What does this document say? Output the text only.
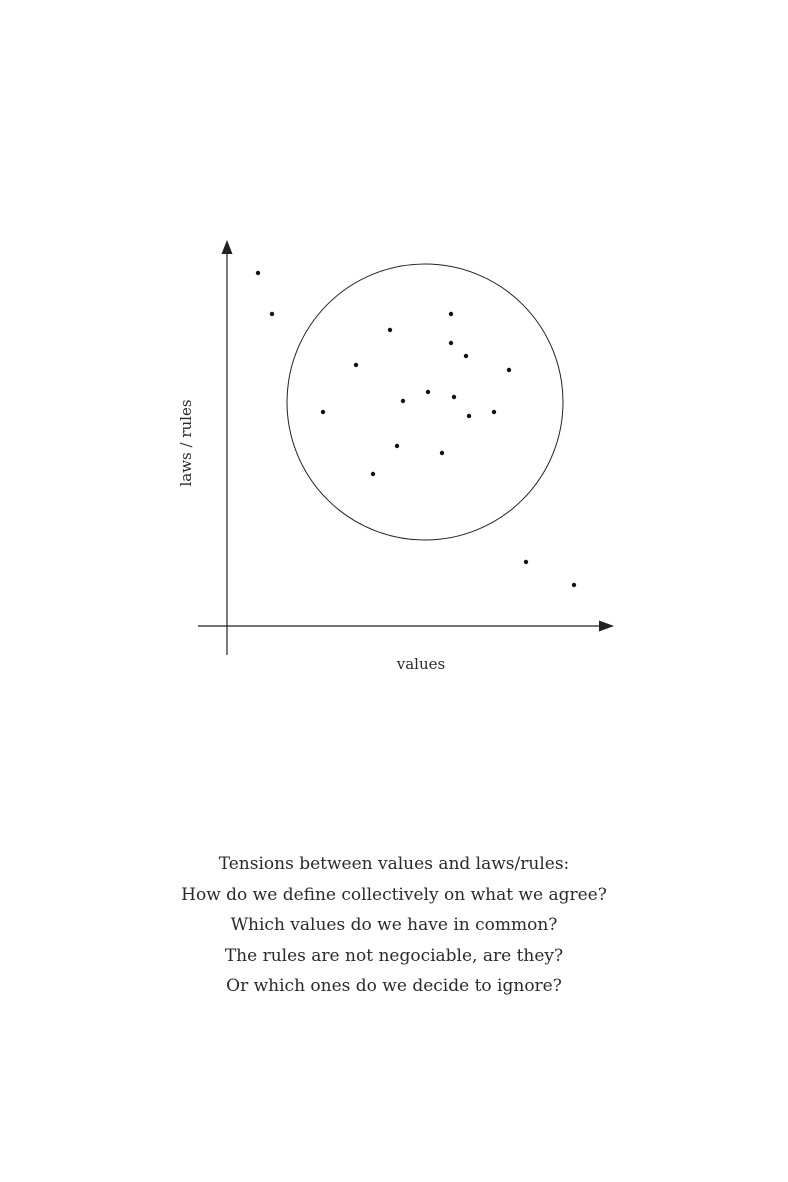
laws / rules
values
Tensions between values and laws/rules:
How do we define collectively on what we agree?
Which values do we have in common?
The rules are not negociable, are they?
Or which ones do we decide to ignore?
